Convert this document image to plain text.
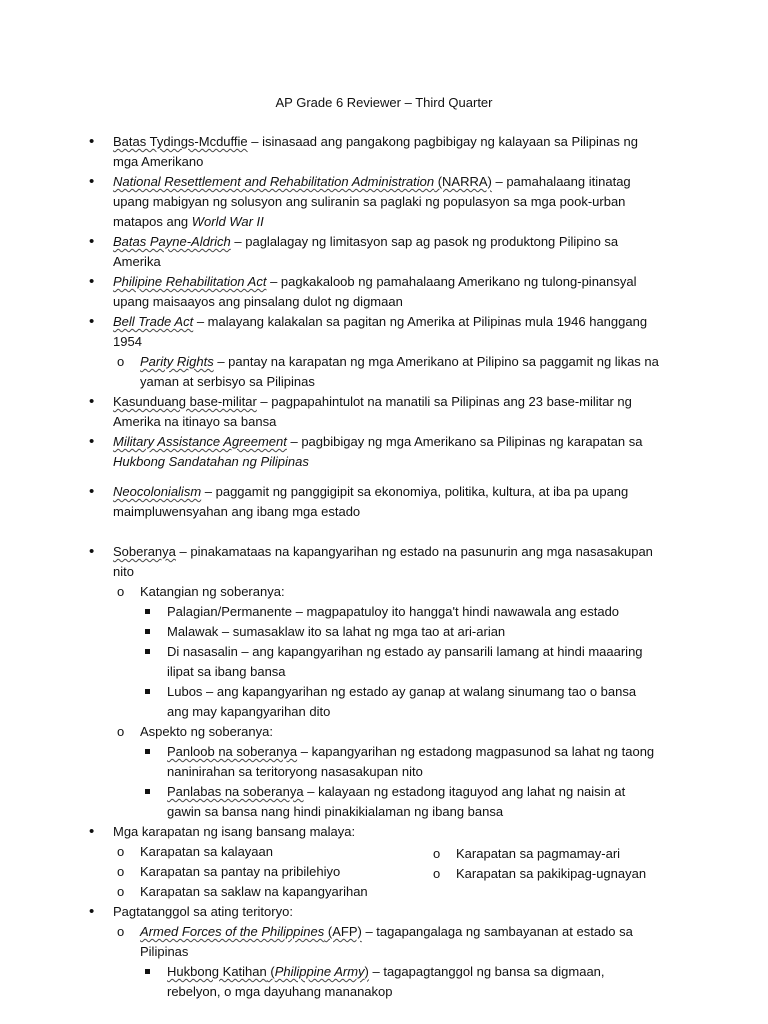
AP Grade 6 Reviewer – Third Quarter
• Batas Tydings-Mcduffie – isinasaad ang pangakong pagbibigay ng kalayaan sa Pilipinas ng mga Amerikano
• National Resettlement and Rehabilitation Administration (NARRA) – pamahalaang itinatag upang mabigyan ng solusyon ang suliranin sa paglaki ng populasyon sa mga pook-urban matapos ang World War II
• Batas Payne-Aldrich – paglalagay ng limitasyon sap ag pasok ng produktong Pilipino sa Amerika
• Philipine Rehabilitation Act – pagkakaloob ng pamahalaang Amerikano ng tulong-pinansyal upang maisaayos ang pinsalang dulot ng digmaan
• Bell Trade Act – malayang kalakalan sa pagitan ng Amerika at Pilipinas mula 1946 hanggang 1954
o Parity Rights – pantay na karapatan ng mga Amerikano at Pilipino sa paggamit ng likas na yaman at serbisyo sa Pilipinas
• Kasunduang base-militar – pagpapahintulot na manatili sa Pilipinas ang 23 base-militar ng Amerika na itinayo sa bansa
• Military Assistance Agreement – pagbibigay ng mga Amerikano sa Pilipinas ng karapatan sa Hukbong Sandatahan ng Pilipinas
• Neocolonialism – paggamit ng panggigipit sa ekonomiya, politika, kultura, at iba pa upang maimpluwensyahan ang ibang mga estado
• Soberanya – pinakamataas na kapangyarihan ng estado na pasunurin ang mga nasasakupan nito
o Katangian ng soberanya:
Palagian/Permanente – magpapatuloy ito hangga't hindi nawawala ang estado
Malawak – sumasaklaw ito sa lahat ng mga tao at ari-arian
Di nasasalin – ang kapangyarihan ng estado ay pansarili lamang at hindi maaaring ilipat sa ibang bansa
Lubos – ang kapangyarihan ng estado ay ganap at walang sinumang tao o bansa ang may kapangyarihan dito
o Aspekto ng soberanya:
Panloob na soberanya – kapangyarihan ng estadong magpasunod sa lahat ng taong naninirahan sa teritoryong nasasakupan nito
Panlabas na soberanya – kalayaan ng estadong itaguyod ang lahat ng naisin at gawin sa bansa nang hindi pinakikialaman ng ibang bansa
• Mga karapatan ng isang bansang malaya:
o Karapatan sa kalayaan
o Karapatan sa pantay na pribilehiyo
o Karapatan sa saklaw na kapangyarihan
o Karapatan sa pagmamay-ari
o Karapatan sa pakikipag-ugnayan
• Pagtatanggol sa ating teritoryo:
o Armed Forces of the Philippines (AFP) – tagapangalaga ng sambayanan at estado sa Pilipinas
Hukbong Katihan (Philippine Army) – tagapagtanggol ng bansa sa digmaan, rebelyon, o mga dayuhang mananakop
